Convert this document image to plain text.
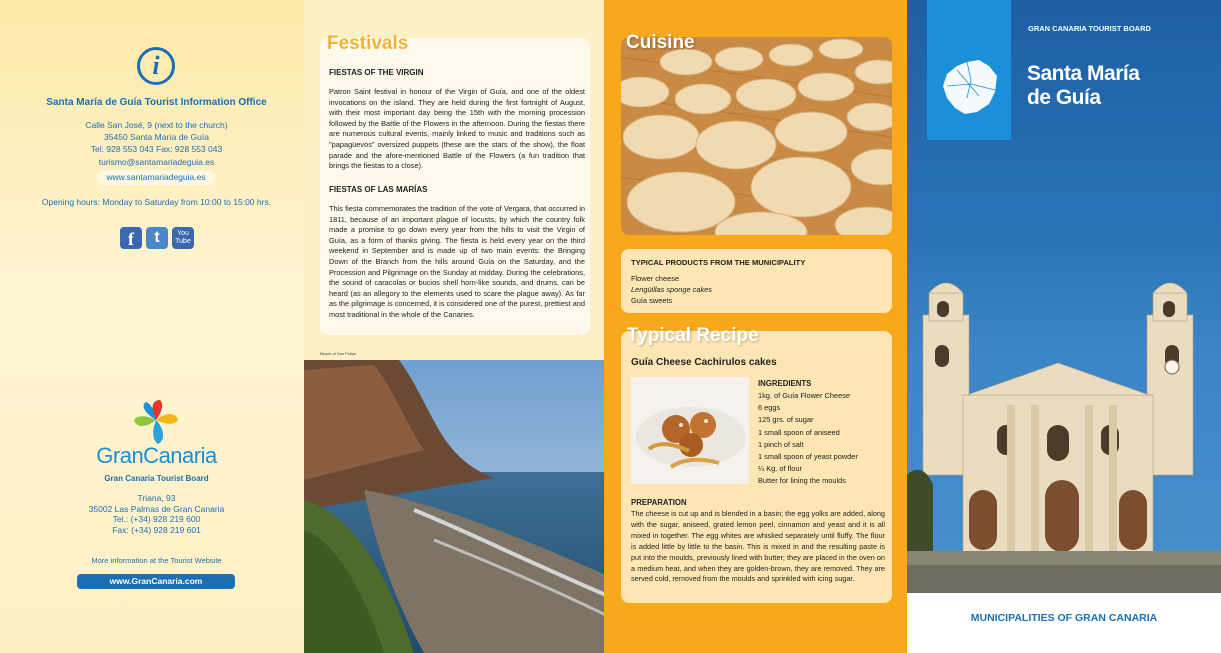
i
Santa María de Guía Tourist Information Office
Calle San José, 9 (next to the church)
35450 Santa María de Guía
Tel: 928 553 043 Fax: 928 553 043
turismo@santamariadeguia.es
www.santamariadeguia.es
Opening hours: Monday to Saturday from 10:00 to 15:00 hrs.
f	t	You
Tube
GranCanaria
Gran Canaria Tourist Board
Triana, 93
35002 Las Palmas de Gran Canaria
Tel.: (+34) 928 219 600
Fax: (+34) 928 219 601
More information at the Tourist Website
www.GranCanaria.com
Festivals
FIESTAS OF THE VIRGIN
Patron Saint festival in honour of the Virgin of Guía, and one of the oldest invocations on the island. They are held during the first fortnight of August, with their most important day being the 15th with the morning procession followed by the Battle of the Flowers in the afternoon. During the fiestas there are numerous cultural events, mainly linked to music and traditions such as "papagüevos" oversized puppets (these are the stars of the show), the float parade and the afore-mentioned Battle of the Flowers (a fun tradition that brings the fiestas to a close).
FIESTAS OF LAS MARÍAS
This fiesta commemorates the tradition of the vote of Vergara, that occurred in 1811, because of an important plague of locusts, by which the country folk made a promise to go down every year from the hills to visit the Virgin of Guía, as a form of thanks giving. The fiesta is held every year on the third weekend in September and is made up of two main events: the Bringing Down of the Branch from the hills around Guía on the Saturday, and the Procession and Pilgrimage on the Sunday at midday. During the celebrations, the sound of caracolas or bucios shell horn-like sounds, and drums, can be heard (as an allegory to the elements used to scare the plague away). As far as the pilgrimage is concerned, it is considered one of the purest, prettiest and most traditional in the whole of the Canaries.
Beach of San Felipe
Cuisine
TYPICAL PRODUCTS FROM THE MUNICIPALITY
Flower cheese
Lengüillas sponge cakes
Guía sweets
Guía Cheese Cachirulos cakes
INGREDIENTS
1kg. of Guía Flower Cheese
6 eggs
125 grs. of sugar
1 small spoon of aniseed
1 pinch of salt
1 small spoon of yeast powder
¼ Kg. of flour
Butter for lining the moulds
PREPARATION
The cheese is cut up and is blended in a basin; the egg yolks are added, along with the sugar, aniseed, grated lemon peel, cinnamon and yeast and it is all mixed in together. The egg whites are whisked separately until fluffy. The flour is added little by little to the basin. This is mixed in and the resulting paste is put into the moulds, previously lined with butter; they are placed in the oven on a medium heat, and when they are golden-brown, they are removed. They are served cold, removed from the moulds and sprinkled with icing sugar.
Typical Recipe
GRAN CANARIA TOURIST BOARD
Santa María
de Guía
MUNICIPALITIES OF GRAN CANARIA
